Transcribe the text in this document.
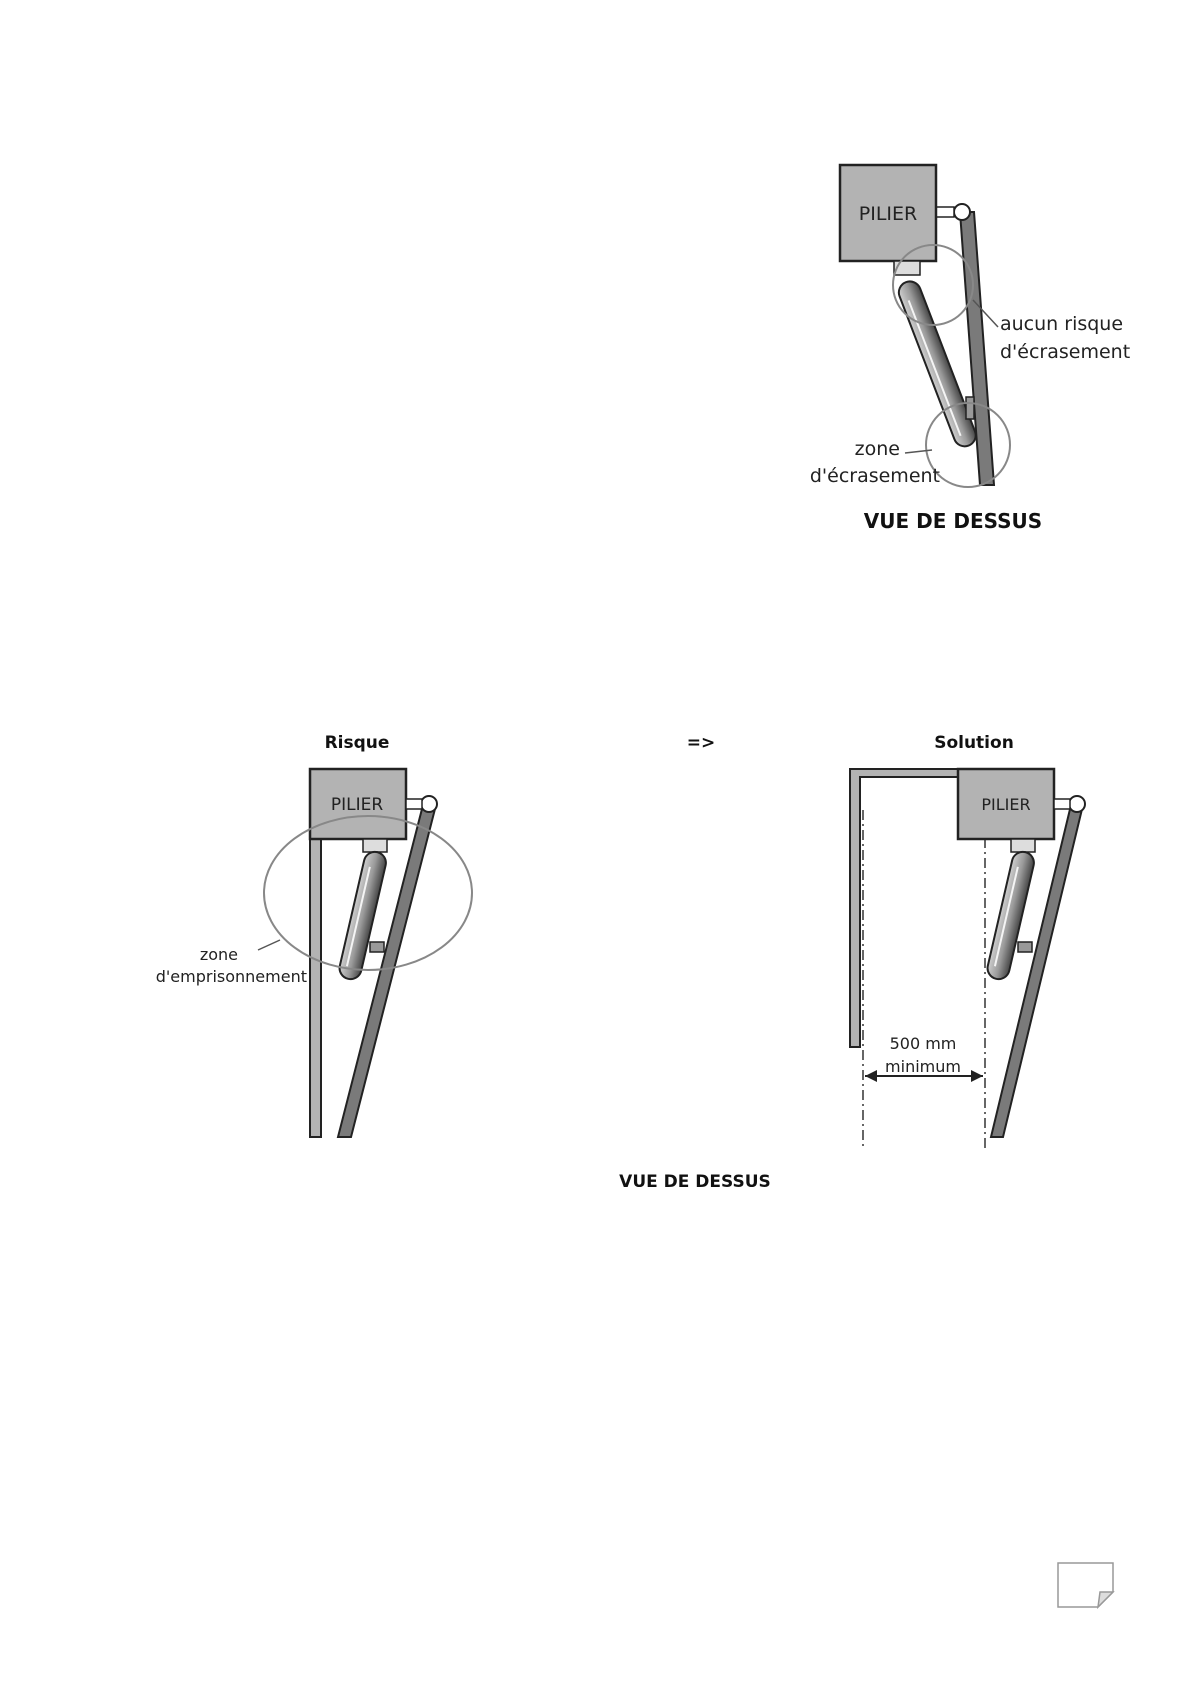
PILIER
aucun risque
d'écrasement
zone
d'écrasement
VUE DE DESSUS
Risque	=>	Solution
PILIER
zone
d'emprisonnement
PILIER
500 mm
minimum
VUE DE DESSUS
